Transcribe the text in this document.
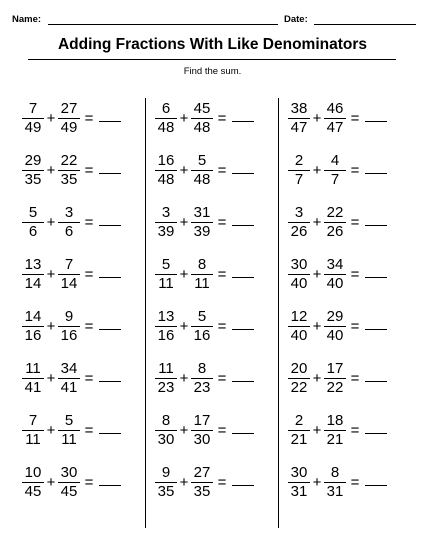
Name:	Date:
Adding Fractions With Like Denominators
Find the sum.
$\frac{7}{49} + \frac{27}{49}$ =
$\frac{29}{35} + \frac{22}{35}$ =
$\frac{5}{6} + \frac{3}{6}$ =
$\frac{13}{14} + \frac{7}{14}$ =
$\frac{14}{16} + \frac{9}{16}$ =
$\frac{11}{41} + \frac{34}{41}$ =
$\frac{7}{11} + \frac{5}{11}$ =
$\frac{10}{45} + \frac{30}{45}$ =
$\frac{6}{48} + \frac{45}{48}$ =
$\frac{16}{48} + \frac{5}{48}$ =
$\frac{3}{39} + \frac{31}{39}$ =
$\frac{5}{11} + \frac{8}{11}$ =
$\frac{13}{16} + \frac{5}{16}$ =
$\frac{11}{23} + \frac{8}{23}$ =
$\frac{8}{30} + \frac{17}{30}$ =
$\frac{9}{35} + \frac{27}{35}$ =
$\frac{38}{47} + \frac{46}{47}$ =
$\frac{2}{7} + \frac{4}{7}$ =
$\frac{3}{26} + \frac{22}{26}$ =
$\frac{30}{40} + \frac{34}{40}$ =
$\frac{12}{40} + \frac{29}{40}$ =
$\frac{20}{22} + \frac{17}{22}$ =
$\frac{2}{21} + \frac{18}{21}$ =
$\frac{30}{31} + \frac{8}{31}$ =
